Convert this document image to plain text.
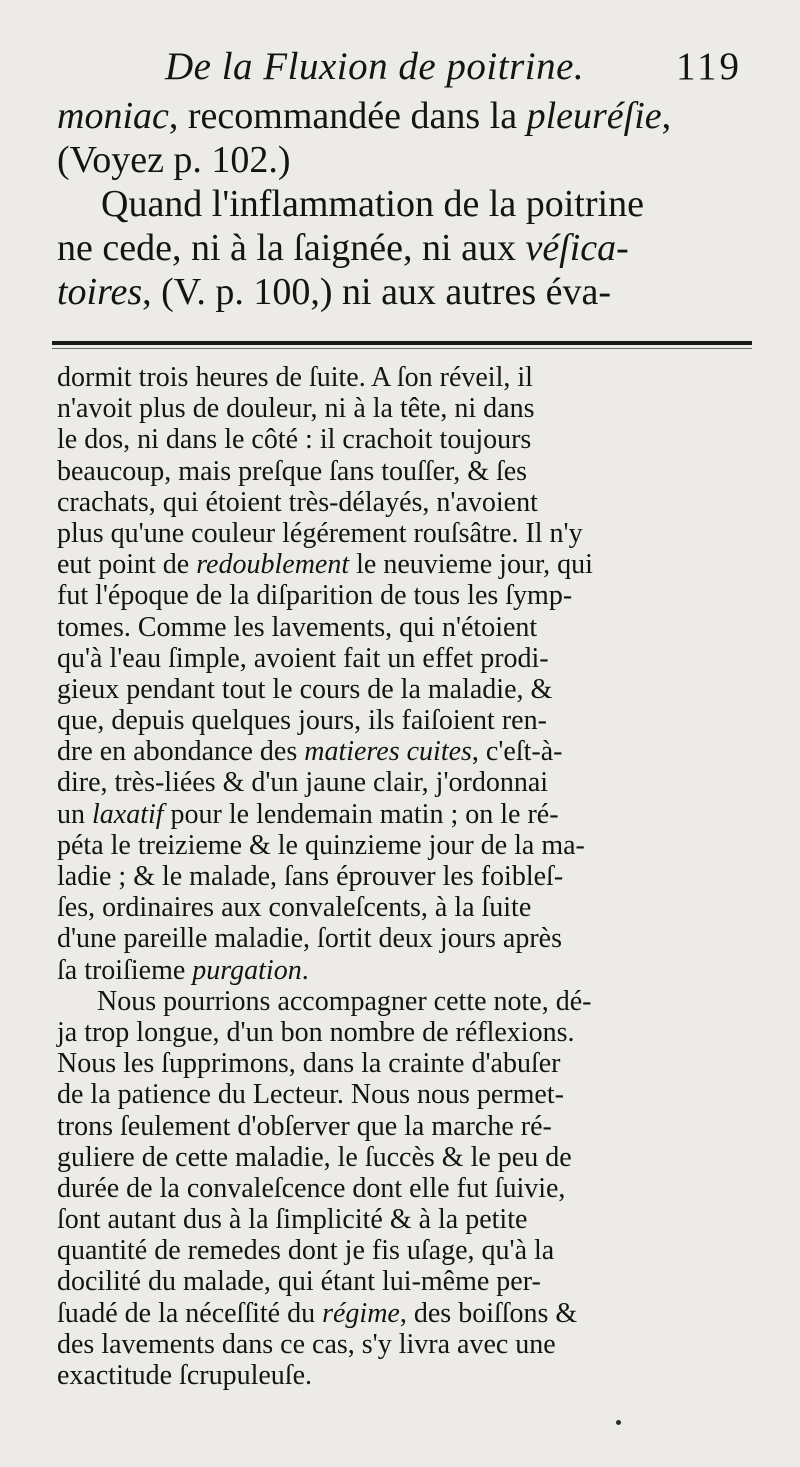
De la Fluxion de poitrine. 119
moniac, recommandée dans la pleuréſie,
(Voyez p. 102.)
Quand l'inflammation de la poitrine
ne cede, ni à la ſaignée, ni aux véſica-
toires, (V. p. 100,) ni aux autres éva-
dormit trois heures de ſuite. A ſon réveil, il
n'avoit plus de douleur, ni à la tête, ni dans
le dos, ni dans le côté : il crachoit toujours
beaucoup, mais preſque ſans touſſer, & ſes
crachats, qui étoient très-délayés, n'avoient
plus qu'une couleur légérement rouſsâtre. Il n'y
eut point de redoublement le neuvieme jour, qui
fut l'époque de la diſparition de tous les ſymp-
tomes. Comme les lavements, qui n'étoient
qu'à l'eau ſimple, avoient fait un effet prodi-
gieux pendant tout le cours de la maladie, &
que, depuis quelques jours, ils faiſoient ren-
dre en abondance des matieres cuites, c'eſt-à-
dire, très-liées & d'un jaune clair, j'ordonnai
un laxatif pour le lendemain matin ; on le ré-
péta le treizieme & le quinzieme jour de la ma-
ladie ; & le malade, ſans éprouver les foibleſ-
ſes, ordinaires aux convaleſcents, à la ſuite
d'une pareille maladie, ſortit deux jours après
ſa troiſieme purgation.
Nous pourrions accompagner cette note, dé-
ja trop longue, d'un bon nombre de réflexions.
Nous les ſupprimons, dans la crainte d'abuſer
de la patience du Lecteur. Nous nous permet-
trons ſeulement d'obſerver que la marche ré-
guliere de cette maladie, le ſuccès & le peu de
durée de la convaleſcence dont elle fut ſuivie,
ſont autant dus à la ſimplicité & à la petite
quantité de remedes dont je fis uſage, qu'à la
docilité du malade, qui étant lui-même per-
ſuadé de la néceſſité du régime, des boiſſons &
des lavements dans ce cas, s'y livra avec une
exactitude ſcrupuleuſe.
